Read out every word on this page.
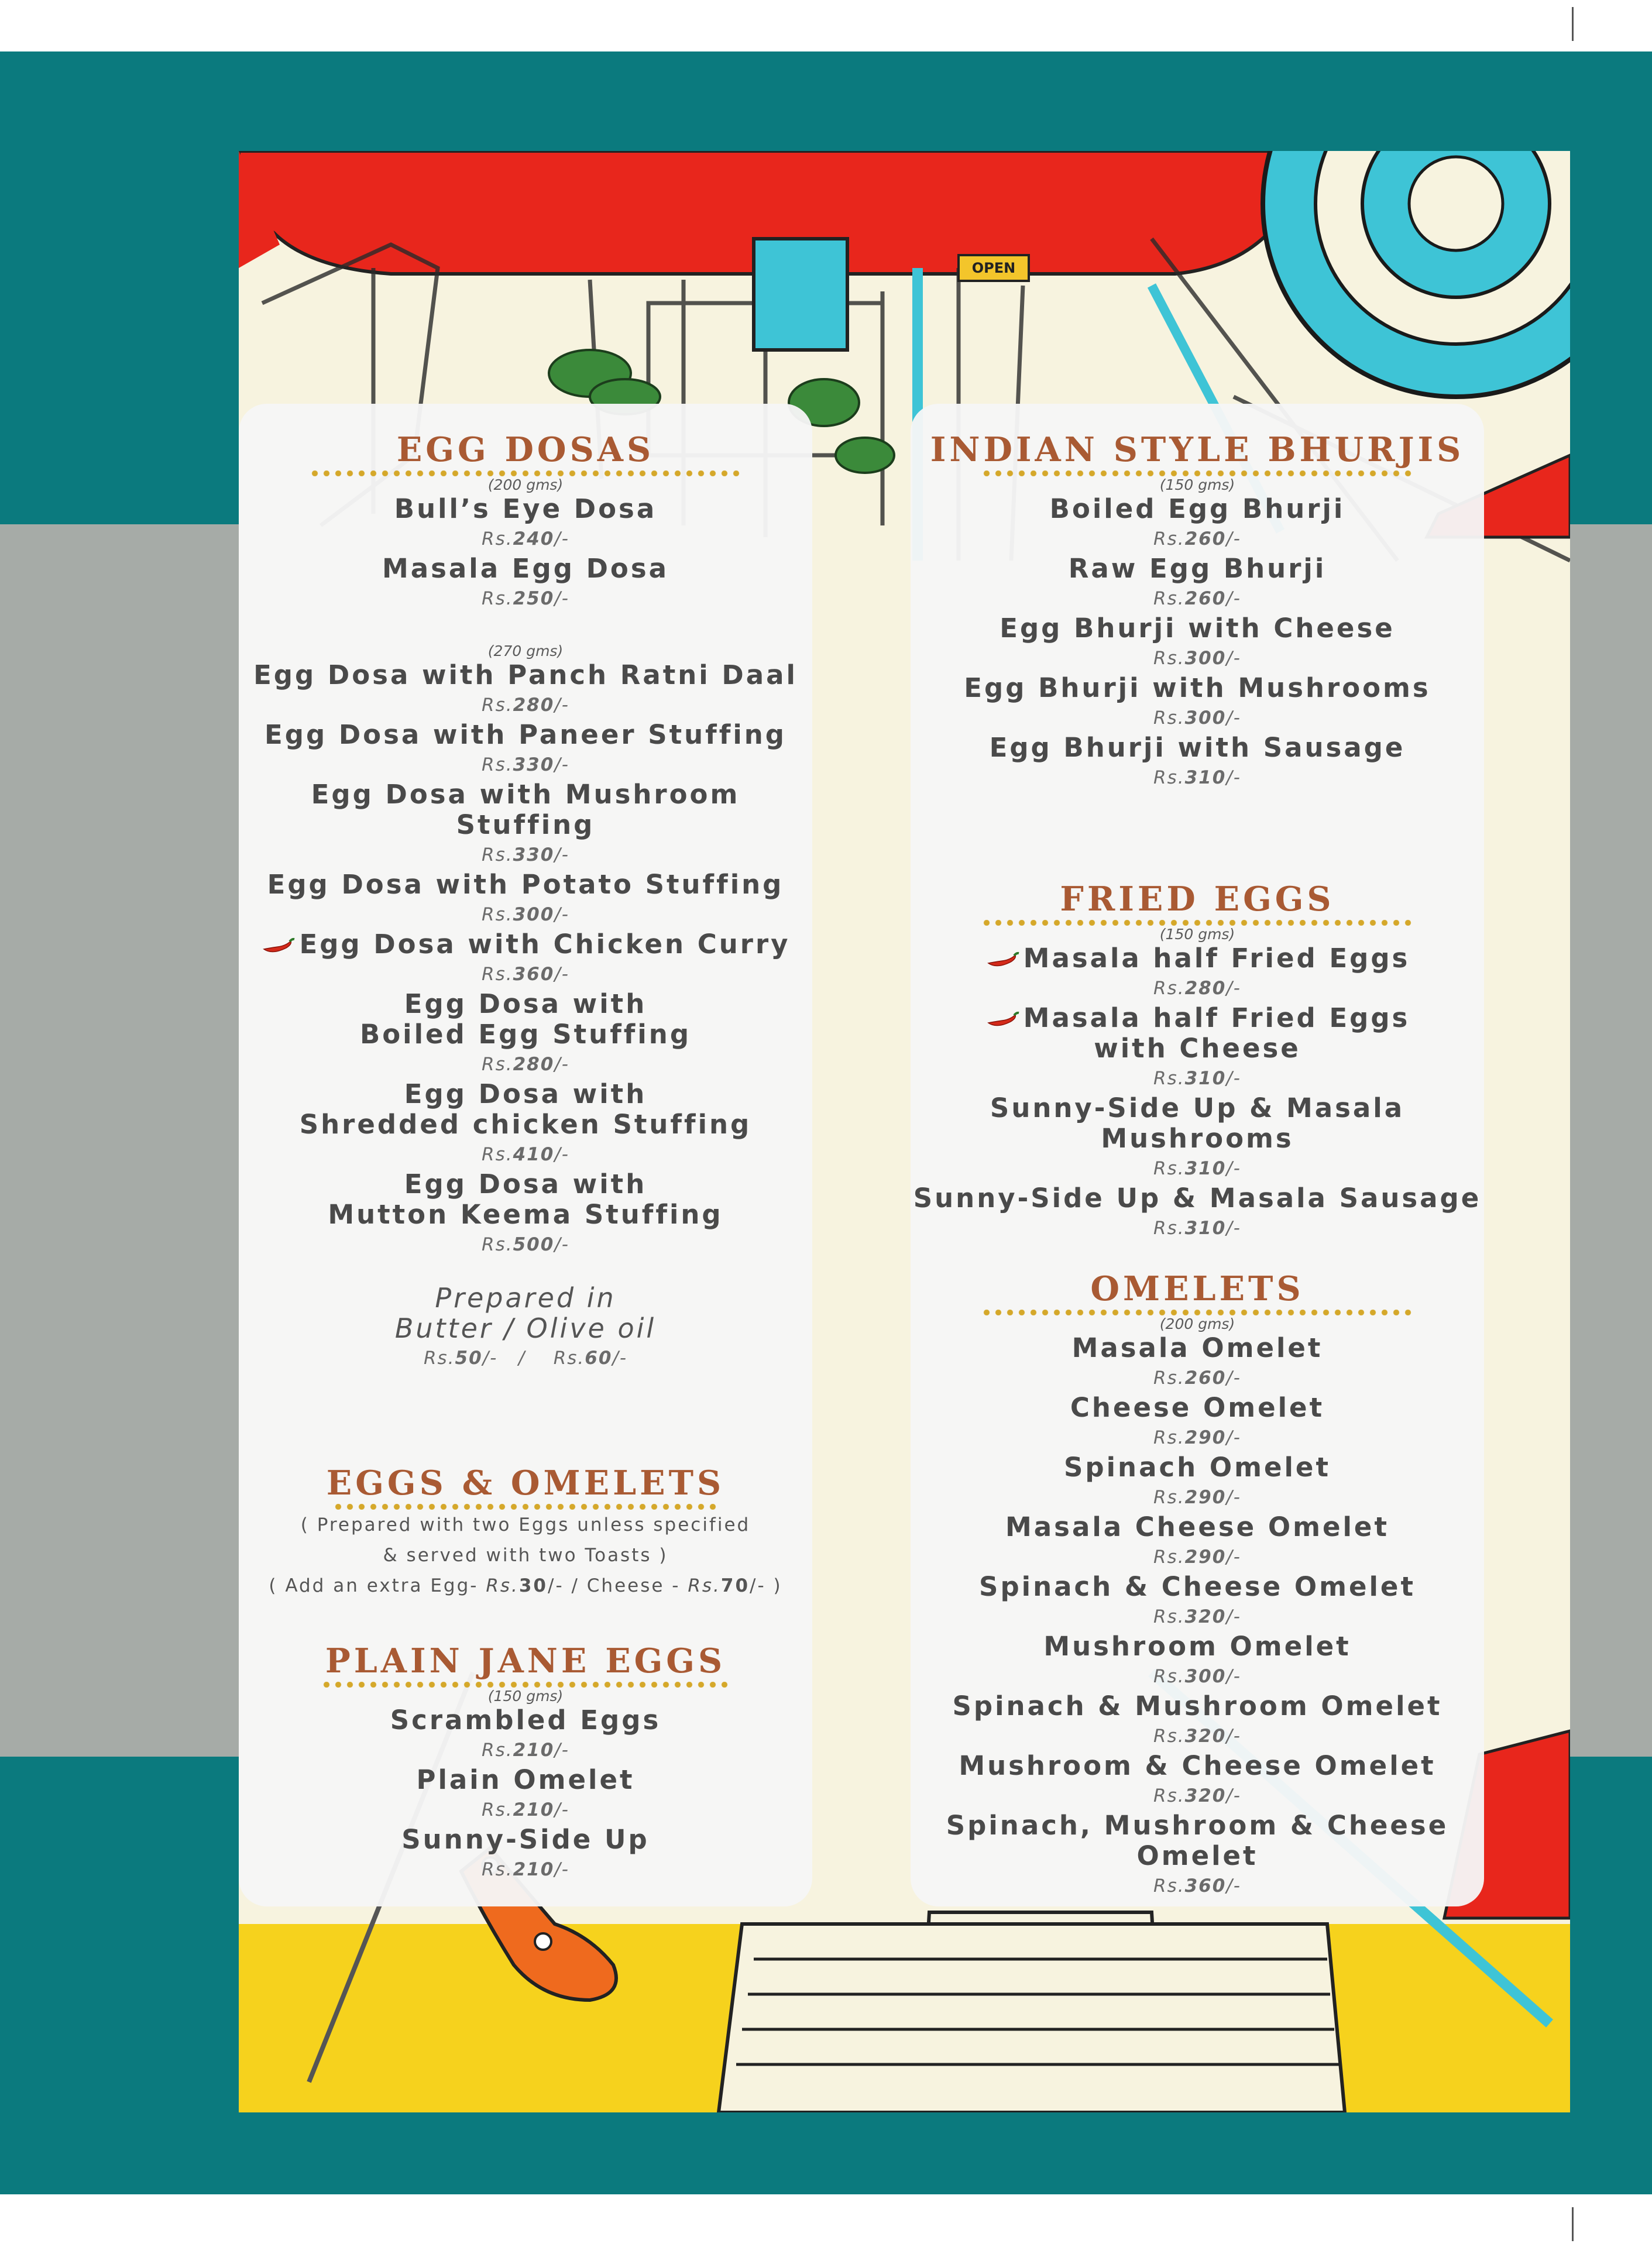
OPEN
EGG DOSAS
(200 gms)
Bull’s Eye Dosa
Rs.240/-
Masala Egg Dosa
Rs.250/-
(270 gms)
Egg Dosa with Panch Ratni Daal
Rs.280/-
Egg Dosa with Paneer Stuffing
Rs.330/-
Egg Dosa with Mushroom Stuffing
Rs.330/-
Egg Dosa with Potato Stuffing
Rs.300/-
Egg Dosa with Chicken Curry
Rs.360/-
Egg Dosa with
Boiled Egg Stuffing
Rs.280/-
Egg Dosa with
Shredded chicken Stuffing
Rs.410/-
Egg Dosa with
Mutton Keema Stuffing
Rs.500/-
Prepared in
Butter / Olive oil
Rs.50/-   /    Rs.60/-
EGGS & OMELETS
( Prepared with two Eggs unless specified
& served with two Toasts )
( Add an extra Egg- Rs.30/- / Cheese - Rs.70/- )
PLAIN JANE EGGS
(150 gms)
Scrambled Eggs
Rs.210/-
Plain Omelet
Rs.210/-
Sunny-Side Up
Rs.210/-
INDIAN STYLE BHURJIS
(150 gms)
Boiled Egg Bhurji
Rs.260/-
Raw Egg Bhurji
Rs.260/-
Egg Bhurji with Cheese
Rs.300/-
Egg Bhurji with Mushrooms
Rs.300/-
Egg Bhurji with Sausage
Rs.310/-
FRIED EGGS
(150 gms)
Masala half Fried Eggs
Rs.280/-
Masala half Fried Eggs
with Cheese
Rs.310/-
Sunny-Side Up & Masala Mushrooms
Rs.310/-
Sunny-Side Up & Masala Sausage
Rs.310/-
OMELETS
(200 gms)
Masala Omelet
Rs.260/-
Cheese Omelet
Rs.290/-
Spinach Omelet
Rs.290/-
Masala Cheese Omelet
Rs.290/-
Spinach & Cheese Omelet
Rs.320/-
Mushroom Omelet
Rs.300/-
Spinach & Mushroom Omelet
Rs.320/-
Mushroom & Cheese Omelet
Rs.320/-
Spinach, Mushroom & Cheese Omelet
Rs.360/-
